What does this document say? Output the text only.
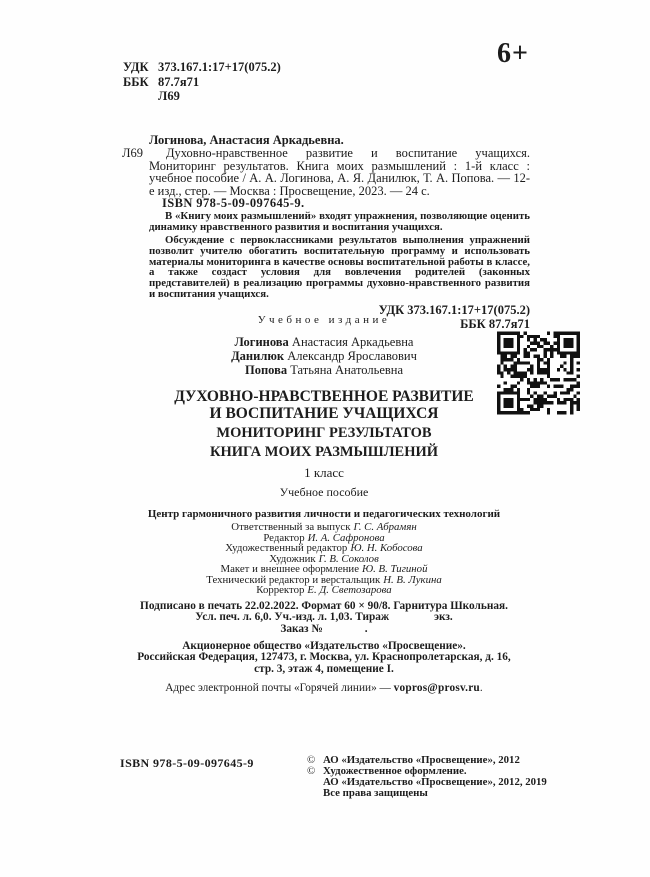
6+
УДК 373.167.1:17+17(075.2)
ББК 87.7я71
Л69
Логинова, Анастасия Аркадьевна.
Л69	Духовно-нравственное развитие и воспитание учащихся. Мониторинг результатов. Книга моих размышлений : 1-й класс : учебное пособие / А. А. Логинова, А. Я. Данилюк, Т. А. Попова. — 12-е изд., стер. — Москва : Просвещение, 2023. — 24 с.

ISBN 978-5-09-097645-9.

В «Книгу моих размышлений» входят упражнения, позволяющие оценить динамику нравственного развития и воспитания учащихся.

Обсуждение с первоклассниками результатов выполнения упражнений позволит учителю обогатить воспитательную программу и использовать материалы мониторинга в качестве основы воспитательной работы в классе, а также создаст условия для вовлечения родителей (законных представителей) в реализацию программы духовно-нравственного развития и воспитания учащихся.

УДК 373.167.1:17+17(075.2)
ББК 87.7я71
Учебное издание
Логинова Анастасия Аркадьевна
Данилюк Александр Ярославович
Попова Татьяна Анатольевна
ДУХОВНО-НРАВСТВЕННОЕ РАЗВИТИЕ
И ВОСПИТАНИЕ УЧАЩИХСЯ
МОНИТОРИНГ РЕЗУЛЬТАТОВ
КНИГА МОИХ РАЗМЫШЛЕНИЙ
1 класс
Учебное пособие
Центр гармоничного развития личности и педагогических технологий
Ответственный за выпуск Г. С. Абрамян
Редактор И. А. Сафронова
Художественный редактор Ю. Н. Кобосова
Художник Г. В. Соколов
Макет и внешнее оформление Ю. В. Тигиной
Технический редактор и верстальщик Н. В. Лукина
Корректор Е. Д. Светозарова
Подписано в печать 22.02.2022. Формат 60 × 90/8. Гарнитура Школьная.
Усл. печ. л. 6,0. Уч.-изд. л. 1,03. Тираж	экз.
Заказ №	.
Акционерное общество «Издательство «Просвещение».
Российская Федерация, 127473, г. Москва, ул. Краснопролетарская, д. 16,
стр. 3, этаж 4, помещение I.
Адрес электронной почты «Горячей линии» — vopros@prosv.ru.
ISBN 978-5-09-097645-9	© АО «Издательство «Просвещение», 2012
© Художественное оформление.
АО «Издательство «Просвещение», 2012, 2019
Все права защищены
